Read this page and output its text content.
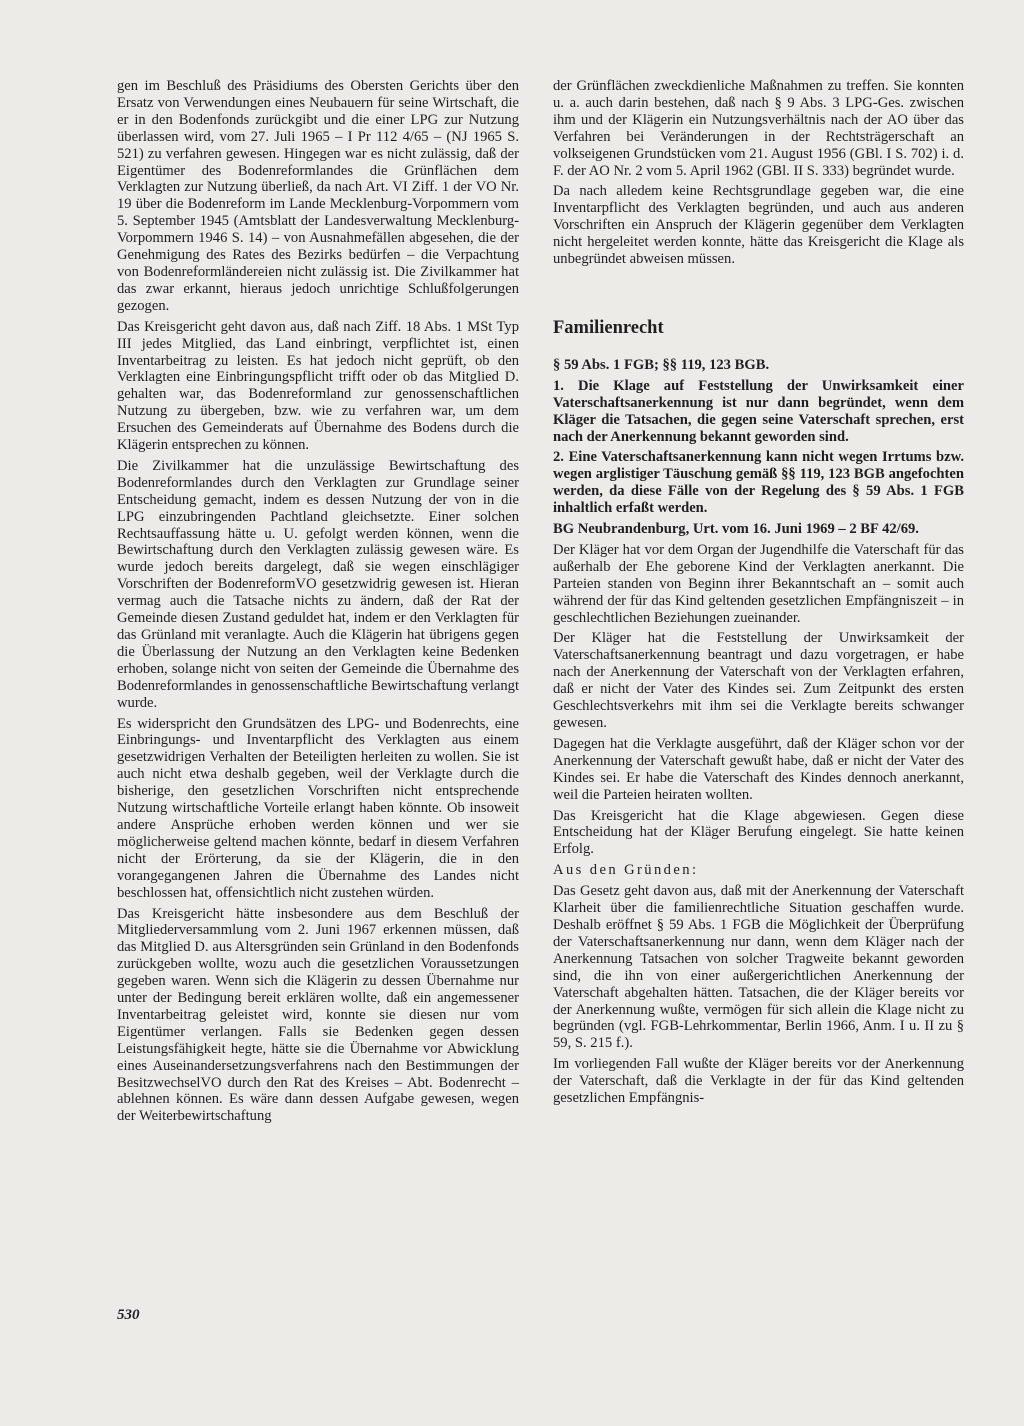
gen im Beschluß des Präsidiums des Obersten Gerichts über den Ersatz von Verwendungen eines Neubauern für seine Wirtschaft, die er in den Bodenfonds zurückgibt und die einer LPG zur Nutzung überlassen wird, vom 27. Juli 1965 – I Pr 112 4/65 – (NJ 1965 S. 521) zu verfahren gewesen. Hingegen war es nicht zulässig, daß der Eigentümer des Bodenreformlandes die Grünflächen dem Verklagten zur Nutzung überließ, da nach Art. VI Ziff. 1 der VO Nr. 19 über die Bodenreform im Lande Mecklenburg-Vorpommern vom 5. September 1945 (Amtsblatt der Landesverwaltung Mecklenburg-Vorpommern 1946 S. 14) – von Ausnahmefällen abgesehen, die der Genehmigung des Rates des Bezirks bedürfen – die Verpachtung von Bodenreformländereien nicht zulässig ist. Die Zivilkammer hat das zwar erkannt, hieraus jedoch unrichtige Schlußfolgerungen gezogen.

Das Kreisgericht geht davon aus, daß nach Ziff. 18 Abs. 1 MSt Typ III jedes Mitglied, das Land einbringt, verpflichtet ist, einen Inventarbeitrag zu leisten. Es hat jedoch nicht geprüft, ob den Verklagten eine Einbringungspflicht trifft oder ob das Mitglied D. gehalten war, das Bodenreformland zur genossenschaftlichen Nutzung zu übergeben, bzw. wie zu verfahren war, um dem Ersuchen des Gemeinderats auf Übernahme des Bodens durch die Klägerin entsprechen zu können.

Die Zivilkammer hat die unzulässige Bewirtschaftung des Bodenreformlandes durch den Verklagten zur Grundlage seiner Entscheidung gemacht, indem es dessen Nutzung der von in die LPG einzubringenden Pachtland gleichsetzte. Einer solchen Rechtsauffassung hätte u. U. gefolgt werden können, wenn die Bewirtschaftung durch den Verklagten zulässig gewesen wäre. Es wurde jedoch bereits dargelegt, daß sie wegen einschlägiger Vorschriften der BodenreformVO gesetzwidrig gewesen ist. Hieran vermag auch die Tatsache nichts zu ändern, daß der Rat der Gemeinde diesen Zustand geduldet hat, indem er den Verklagten für das Grünland mit veranlagte. Auch die Klägerin hat übrigens gegen die Überlassung der Nutzung an den Verklagten keine Bedenken erhoben, solange nicht von seiten der Gemeinde die Übernahme des Bodenreformlandes in genossenschaftliche Bewirtschaftung verlangt wurde.

Es widerspricht den Grundsätzen des LPG- und Bodenrechts, eine Einbringungs- und Inventarpflicht des Verklagten aus einem gesetzwidrigen Verhalten der Beteiligten herleiten zu wollen. Sie ist auch nicht etwa deshalb gegeben, weil der Verklagte durch die bisherige, den gesetzlichen Vorschriften nicht entsprechende Nutzung wirtschaftliche Vorteile erlangt haben könnte. Ob insoweit andere Ansprüche erhoben werden können und wer sie möglicherweise geltend machen könnte, bedarf in diesem Verfahren nicht der Erörterung, da sie der Klägerin, die in den vorangegangenen Jahren die Übernahme des Landes nicht beschlossen hat, offensichtlich nicht zustehen würden.

Das Kreisgericht hätte insbesondere aus dem Beschluß der Mitgliederversammlung vom 2. Juni 1967 erkennen müssen, daß das Mitglied D. aus Altersgründen sein Grünland in den Bodenfonds zurückgeben wollte, wozu auch die gesetzlichen Voraussetzungen gegeben waren. Wenn sich die Klägerin zu dessen Übernahme nur unter der Bedingung bereit erklären wollte, daß ein angemessener Inventarbeitrag geleistet wird, konnte sie diesen nur vom Eigentümer verlangen. Falls sie Bedenken gegen dessen Leistungsfähigkeit hegte, hätte sie die Übernahme vor Abwicklung eines Auseinandersetzungsverfahrens nach den Bestimmungen der BesitzwechselVO durch den Rat des Kreises – Abt. Bodenrecht – ablehnen können. Es wäre dann dessen Aufgabe gewesen, wegen der Weiterbewirtschaftung

der Grünflächen zweckdienliche Maßnahmen zu treffen. Sie konnten u. a. auch darin bestehen, daß nach § 9 Abs. 3 LPG-Ges. zwischen ihm und der Klägerin ein Nutzungsverhältnis nach der AO über das Verfahren bei Veränderungen in der Rechtsträgerschaft an volkseigenen Grundstücken vom 21. August 1956 (GBl. I S. 702) i. d. F. der AO Nr. 2 vom 5. April 1962 (GBl. II S. 333) begründet wurde.

Da nach alledem keine Rechtsgrundlage gegeben war, die eine Inventarpflicht des Verklagten begründen, und auch aus anderen Vorschriften ein Anspruch der Klägerin gegenüber dem Verklagten nicht hergeleitet werden konnte, hätte das Kreisgericht die Klage als unbegründet abweisen müssen.

Familienrecht

§ 59 Abs. 1 FGB; §§ 119, 123 BGB.

1. Die Klage auf Feststellung der Unwirksamkeit einer Vaterschaftsanerkennung ist nur dann begründet, wenn dem Kläger die Tatsachen, die gegen seine Vaterschaft sprechen, erst nach der Anerkennung bekannt geworden sind.

2. Eine Vaterschaftsanerkennung kann nicht wegen Irrtums bzw. wegen arglistiger Täuschung gemäß §§ 119, 123 BGB angefochten werden, da diese Fälle von der Regelung des § 59 Abs. 1 FGB inhaltlich erfaßt werden.

BG Neubrandenburg, Urt. vom 16. Juni 1969 – 2 BF 42/69.

Der Kläger hat vor dem Organ der Jugendhilfe die Vaterschaft für das außerhalb der Ehe geborene Kind der Verklagten anerkannt. Die Parteien standen von Beginn ihrer Bekanntschaft an – somit auch während der für das Kind geltenden gesetzlichen Empfängniszeit – in geschlechtlichen Beziehungen zueinander.

Der Kläger hat die Feststellung der Unwirksamkeit der Vaterschaftsanerkennung beantragt und dazu vorgetragen, er habe nach der Anerkennung der Vaterschaft von der Verklagten erfahren, daß er nicht der Vater des Kindes sei. Zum Zeitpunkt des ersten Geschlechtsverkehrs mit ihm sei die Verklagte bereits schwanger gewesen.

Dagegen hat die Verklagte ausgeführt, daß der Kläger schon vor der Anerkennung der Vaterschaft gewußt habe, daß er nicht der Vater des Kindes sei. Er habe die Vaterschaft des Kindes dennoch anerkannt, weil die Parteien heiraten wollten.

Das Kreisgericht hat die Klage abgewiesen. Gegen diese Entscheidung hat der Kläger Berufung eingelegt. Sie hatte keinen Erfolg.

Aus den Gründen:

Das Gesetz geht davon aus, daß mit der Anerkennung der Vaterschaft Klarheit über die familienrechtliche Situation geschaffen wurde. Deshalb eröffnet § 59 Abs. 1 FGB die Möglichkeit der Überprüfung der Vaterschaftsanerkennung nur dann, wenn dem Kläger nach der Anerkennung Tatsachen von solcher Tragweite bekannt geworden sind, die ihn von einer außergerichtlichen Anerkennung der Vaterschaft abgehalten hätten. Tatsachen, die der Kläger bereits vor der Anerkennung wußte, vermögen für sich allein die Klage nicht zu begründen (vgl. FGB-Lehrkommentar, Berlin 1966, Anm. I u. II zu § 59, S. 215 f.).

Im vorliegenden Fall wußte der Kläger bereits vor der Anerkennung der Vaterschaft, daß die Verklagte in der für das Kind geltenden gesetzlichen Empfängnis-

530
